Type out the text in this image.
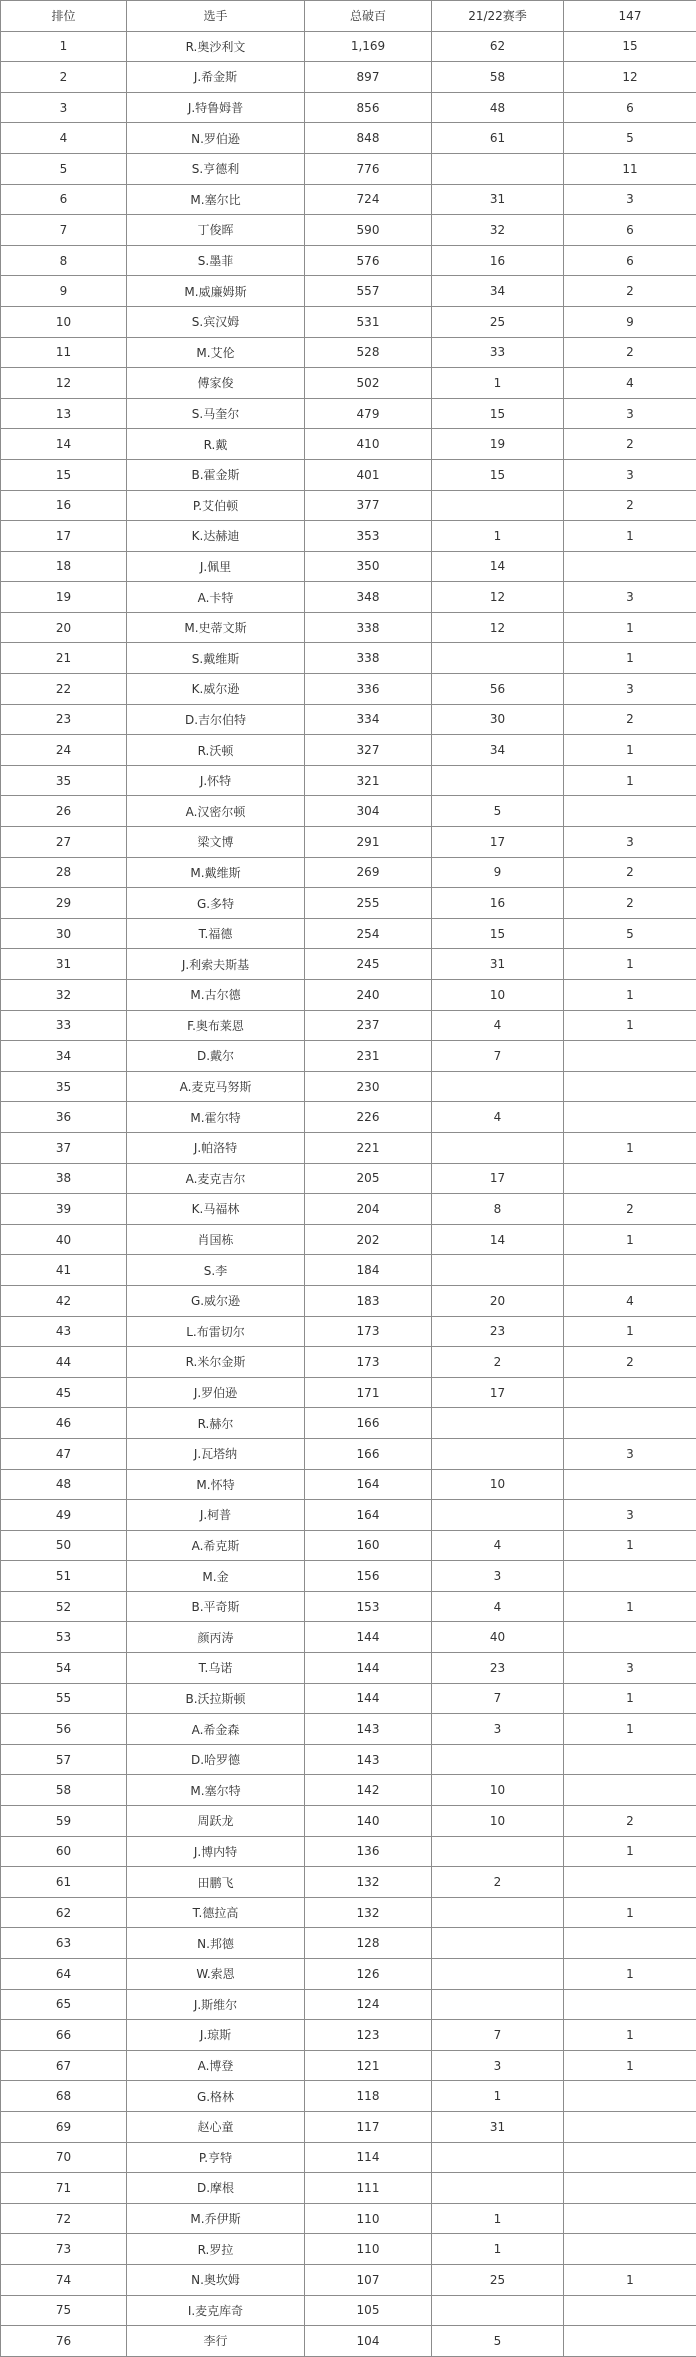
排位	选手	总破百	21/22赛季	147
1	R.奥沙利文	1,169	62	15
2	J.希金斯	897	58	12
3	J.特鲁姆普	856	48	6
4	N.罗伯逊	848	61	5
5	S.亨德利	776		11
6	M.塞尔比	724	31	3
7	丁俊晖	590	32	6
8	S.墨菲	576	16	6
9	M.威廉姆斯	557	34	2
10	S.宾汉姆	531	25	9
11	M.艾伦	528	33	2
12	傅家俊	502	1	4
13	S.马奎尔	479	15	3
14	R.戴	410	19	2
15	B.霍金斯	401	15	3
16	P.艾伯顿	377		2
17	K.达赫迪	353	1	1
18	J.佩里	350	14	
19	A.卡特	348	12	3
20	M.史蒂文斯	338	12	1
21	S.戴维斯	338		1
22	K.威尔逊	336	56	3
23	D.吉尔伯特	334	30	2
24	R.沃顿	327	34	1
35	J.怀特	321		1
26	A.汉密尔顿	304	5	
27	梁文博	291	17	3
28	M.戴维斯	269	9	2
29	G.多特	255	16	2
30	T.福德	254	15	5
31	J.利索夫斯基	245	31	1
32	M.古尔德	240	10	1
33	F.奥布莱恩	237	4	1
34	D.戴尔	231	7	
35	A.麦克马努斯	230		
36	M.霍尔特	226	4	
37	J.帕洛特	221		1
38	A.麦克吉尔	205	17	
39	K.马福林	204	8	2
40	肖国栋	202	14	1
41	S.李	184		
42	G.威尔逊	183	20	4
43	L.布雷切尔	173	23	1
44	R.米尔金斯	173	2	2
45	J.罗伯逊	171	17	
46	R.赫尔	166		
47	J.瓦塔纳	166		3
48	M.怀特	164	10	
49	J.柯普	164		3
50	A.希克斯	160	4	1
51	M.金	156	3	
52	B.平奇斯	153	4	1
53	颜丙涛	144	40	
54	T.乌诺	144	23	3
55	B.沃拉斯顿	144	7	1
56	A.希金森	143	3	1
57	D.哈罗德	143		
58	M.塞尔特	142	10	
59	周跃龙	140	10	2
60	J.博内特	136		1
61	田鹏飞	132	2	
62	T.德拉高	132		1
63	N.邦德	128		
64	W.索恩	126		1
65	J.斯维尔	124		
66	J.琼斯	123	7	1
67	A.博登	121	3	1
68	G.格林	118	1	
69	赵心童	117	31	
70	P.亨特	114		
71	D.摩根	111		
72	M.乔伊斯	110	1	
73	R.罗拉	110	1	
74	N.奥坎姆	107	25	1
75	I.麦克库奇	105		
76	李行	104	5	
